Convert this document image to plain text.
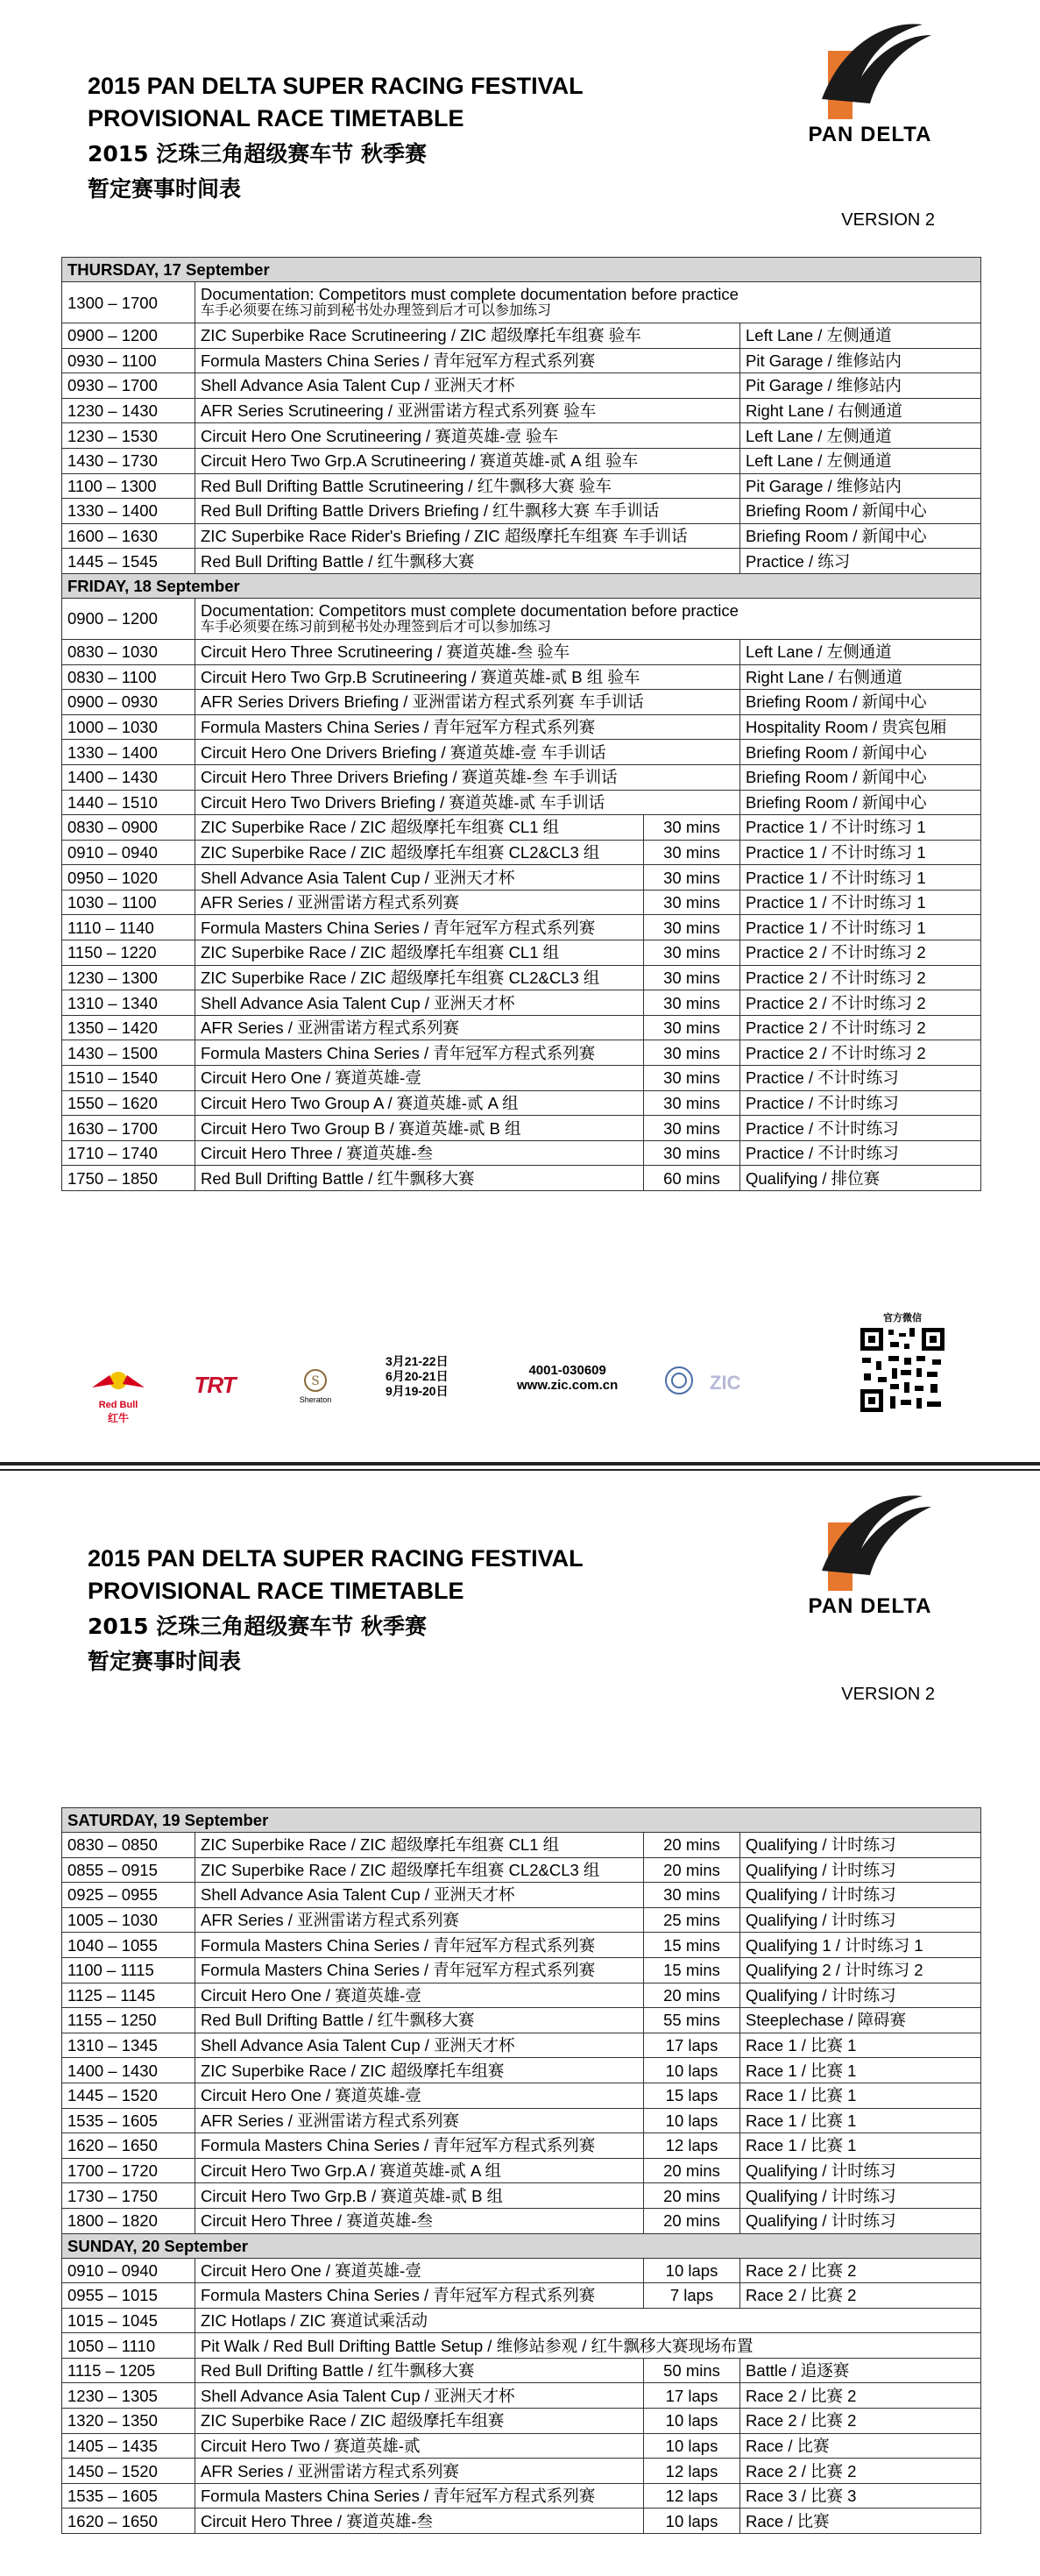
2015 PAN DELTA SUPER RACING FESTIVAL
PROVISIONAL RACE TIMETABLE
2015 泛珠三角超级赛车节 秋季赛
暂定赛事时间表
VERSION 2
PAN DELTA
THURSDAY, 17 September			
1300 – 1700	Documentation: Competitors must complete documentation before practice
车手必须要在练习前到秘书处办理签到后才可以参加练习		

0900 – 1200	ZIC Superbike Race Scrutineering / ZIC 超级摩托车组赛 验车		Left Lane / 左侧通道
0930 – 1100	Formula Masters China Series / 青年冠军方程式系列赛		Pit Garage / 维修站内
0930 – 1700	Shell Advance Asia Talent Cup / 亚洲天才杯		Pit Garage / 维修站内
1230 – 1430	AFR Series Scrutineering / 亚洲雷诺方程式系列赛 验车		Right Lane / 右侧通道
1230 – 1530	Circuit Hero One Scrutineering / 赛道英雄-壹 验车		Left Lane / 左侧通道
1430 – 1730	Circuit Hero Two Grp.A Scrutineering / 赛道英雄-贰 A 组 验车		Left Lane / 左侧通道
1100 – 1300	Red Bull Drifting Battle Scrutineering / 红牛飘移大赛 验车		Pit Garage / 维修站内
1330 – 1400	Red Bull Drifting Battle Drivers Briefing / 红牛飘移大赛 车手训话		Briefing Room / 新闻中心
1600 – 1630	ZIC Superbike Race Rider's Briefing / ZIC 超级摩托车组赛 车手训话		Briefing Room / 新闻中心
1445 – 1545	Red Bull Drifting Battle / 红牛飘移大赛		Practice / 练习
FRIDAY, 18 September			
0900 – 1200	Documentation: Competitors must complete documentation before practice
车手必须要在练习前到秘书处办理签到后才可以参加练习		

0830 – 1030	Circuit Hero Three Scrutineering / 赛道英雄-叁 验车		Left Lane / 左侧通道
0830 – 1100	Circuit Hero Two Grp.B Scrutineering / 赛道英雄-贰 B 组 验车		Right Lane / 右侧通道
0900 – 0930	AFR Series Drivers Briefing / 亚洲雷诺方程式系列赛 车手训话		Briefing Room / 新闻中心
1000 – 1030	Formula Masters China Series / 青年冠军方程式系列赛		Hospitality Room / 贵宾包厢
1330 – 1400	Circuit Hero One Drivers Briefing / 赛道英雄-壹 车手训话		Briefing Room / 新闻中心
1400 – 1430	Circuit Hero Three Drivers Briefing / 赛道英雄-叁 车手训话		Briefing Room / 新闻中心
1440 – 1510	Circuit Hero Two Drivers Briefing / 赛道英雄-贰 车手训话		Briefing Room / 新闻中心
0830 – 0900	ZIC Superbike Race / ZIC 超级摩托车组赛 CL1 组	30 mins	Practice 1 / 不计时练习 1
0910 – 0940	ZIC Superbike Race / ZIC 超级摩托车组赛 CL2&CL3 组	30 mins	Practice 1 / 不计时练习 1
0950 – 1020	Shell Advance Asia Talent Cup / 亚洲天才杯	30 mins	Practice 1 / 不计时练习 1
1030 – 1100	AFR Series / 亚洲雷诺方程式系列赛	30 mins	Practice 1 / 不计时练习 1
1110 – 1140	Formula Masters China Series / 青年冠军方程式系列赛	30 mins	Practice 1 / 不计时练习 1
1150 – 1220	ZIC Superbike Race / ZIC 超级摩托车组赛 CL1 组	30 mins	Practice 2 / 不计时练习 2
1230 – 1300	ZIC Superbike Race / ZIC 超级摩托车组赛 CL2&CL3 组	30 mins	Practice 2 / 不计时练习 2
1310 – 1340	Shell Advance Asia Talent Cup / 亚洲天才杯	30 mins	Practice 2 / 不计时练习 2
1350 – 1420	AFR Series / 亚洲雷诺方程式系列赛	30 mins	Practice 2 / 不计时练习 2
1430 – 1500	Formula Masters China Series / 青年冠军方程式系列赛	30 mins	Practice 2 / 不计时练习 2
1510 – 1540	Circuit Hero One / 赛道英雄-壹	30 mins	Practice / 不计时练习
1550 – 1620	Circuit Hero Two Group A / 赛道英雄-贰 A 组	30 mins	Practice / 不计时练习
1630 – 1700	Circuit Hero Two Group B / 赛道英雄-贰 B 组	30 mins	Practice / 不计时练习
1710 – 1740	Circuit Hero Three / 赛道英雄-叁	30 mins	Practice / 不计时练习
1750 – 1850	Red Bull Drifting Battle / 红牛飘移大赛	60 mins	Qualifying / 排位赛
Red Bull
红牛
TRT	S
Sheraton
3月21-22日
6月20-21日
9月19-20日
4001-030609
www.zic.com.cn	ZIC
官方微信
2015 PAN DELTA SUPER RACING FESTIVAL
PROVISIONAL RACE TIMETABLE
2015 泛珠三角超级赛车节 秋季赛
暂定赛事时间表
VERSION 2
PAN DELTA
SATURDAY, 19 September			
0830 – 0850	ZIC Superbike Race / ZIC 超级摩托车组赛 CL1 组	20 mins	Qualifying / 计时练习
0855 – 0915	ZIC Superbike Race / ZIC 超级摩托车组赛 CL2&CL3 组	20 mins	Qualifying / 计时练习
0925 – 0955	Shell Advance Asia Talent Cup / 亚洲天才杯	30 mins	Qualifying / 计时练习
1005 – 1030	AFR Series / 亚洲雷诺方程式系列赛	25 mins	Qualifying / 计时练习
1040 – 1055	Formula Masters China Series / 青年冠军方程式系列赛	15 mins	Qualifying 1 / 计时练习 1
1100 – 1115	Formula Masters China Series / 青年冠军方程式系列赛	15 mins	Qualifying 2 / 计时练习 2
1125 – 1145	Circuit Hero One / 赛道英雄-壹	20 mins	Qualifying / 计时练习
1155 – 1250	Red Bull Drifting Battle / 红牛飘移大赛	55 mins	Steeplechase / 障碍赛
1310 – 1345	Shell Advance Asia Talent Cup / 亚洲天才杯	17 laps	Race 1 / 比赛 1
1400 – 1430	ZIC Superbike Race / ZIC 超级摩托车组赛	10 laps	Race 1 / 比赛 1
1445 – 1520	Circuit Hero One / 赛道英雄-壹	15 laps	Race 1 / 比赛 1
1535 – 1605	AFR Series / 亚洲雷诺方程式系列赛	10 laps	Race 1 / 比赛 1
1620 – 1650	Formula Masters China Series / 青年冠军方程式系列赛	12 laps	Race 1 / 比赛 1
1700 – 1720	Circuit Hero Two Grp.A / 赛道英雄-贰 A 组	20 mins	Qualifying / 计时练习
1730 – 1750	Circuit Hero Two Grp.B / 赛道英雄-贰 B 组	20 mins	Qualifying / 计时练习
1800 – 1820	Circuit Hero Three / 赛道英雄-叁	20 mins	Qualifying / 计时练习
SUNDAY, 20 September			
0910 – 0940	Circuit Hero One / 赛道英雄-壹	10 laps	Race 2 / 比赛 2
0955 – 1015	Formula Masters China Series / 青年冠军方程式系列赛	7 laps	Race 2 / 比赛 2
1015 – 1045	ZIC Hotlaps / ZIC 赛道试乘活动		
1050 – 1110	Pit Walk / Red Bull Drifting Battle Setup / 维修站参观 / 红牛飘移大赛现场布置		
1115 – 1205	Red Bull Drifting Battle / 红牛飘移大赛	50 mins	Battle / 追逐赛
1230 – 1305	Shell Advance Asia Talent Cup / 亚洲天才杯	17 laps	Race 2 / 比赛 2
1320 – 1350	ZIC Superbike Race / ZIC 超级摩托车组赛	10 laps	Race 2 / 比赛 2
1405 – 1435	Circuit Hero Two / 赛道英雄-贰	10 laps	Race / 比赛
1450 – 1520	AFR Series / 亚洲雷诺方程式系列赛	12 laps	Race 2 / 比赛 2
1535 – 1605	Formula Masters China Series / 青年冠军方程式系列赛	12 laps	Race 3 / 比赛 3
1620 – 1650	Circuit Hero Three / 赛道英雄-叁	10 laps	Race / 比赛
